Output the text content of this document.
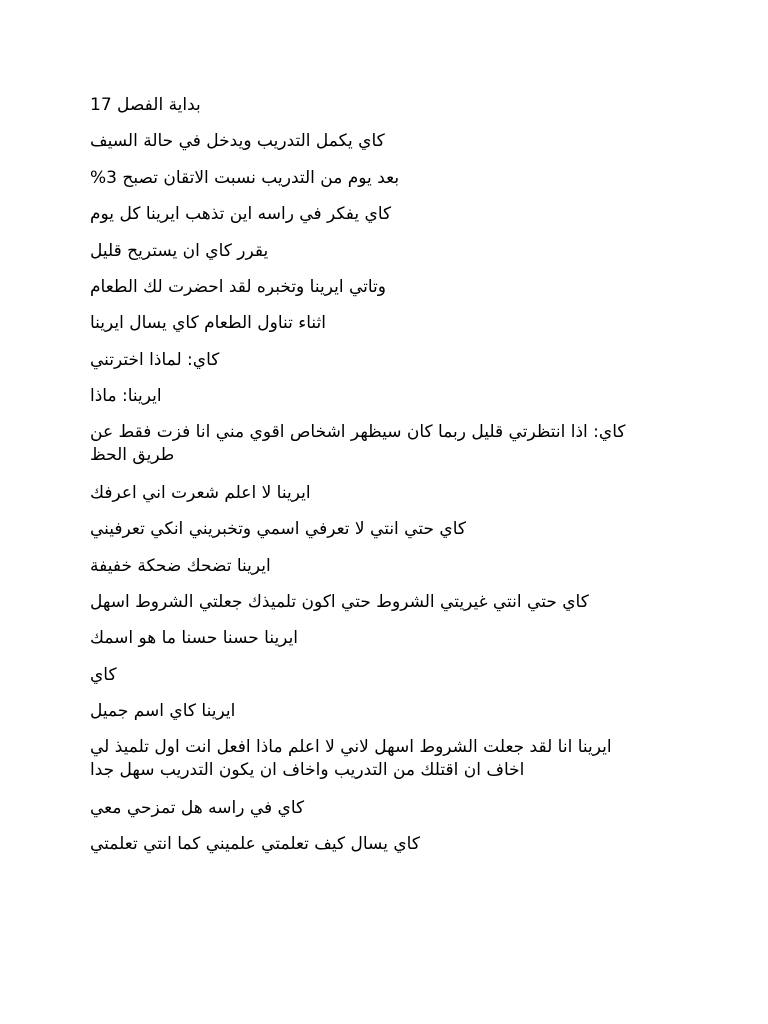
بداية الفصل 17
كاي يكمل التدريب ويدخل في حالة السيف
بعد يوم من التدريب نسبت الاتقان تصبح 3%
كاي يفكر في راسه اين تذهب ايرينا كل يوم
يقرر كاي ان يستريح قليل
وتاتي ايرينا وتخبره لقد احضرت لك الطعام
اثناء تناول الطعام كاي يسال ايرينا
كاي: لماذا اخترتني
ايرينا: ماذا
كاي: اذا انتظرتي قليل ربما كان سيظهر اشخاص اقوي مني انا فزت فقط عن طريق الحظ
ايرينا لا اعلم شعرت اني اعرفك
كاي حتي انتي لا تعرفي اسمي وتخبريني انكي تعرفيني
ايرينا تضحك ضحكة خفيفة
كاي حتي انتي غيريتي الشروط حتي اكون تلميذك جعلتي الشروط اسهل
ايرينا حسنا حسنا ما هو اسمك
كاي
ايرينا كاي اسم جميل
ايرينا انا لقد جعلت الشروط اسهل لاني لا اعلم ماذا افعل انت اول تلميذ لي اخاف ان اقتلك من التدريب واخاف ان يكون التدريب سهل جدا
كاي في راسه هل تمزحي معي
كاي يسال كيف تعلمتي علميني كما انتي تعلمتي
